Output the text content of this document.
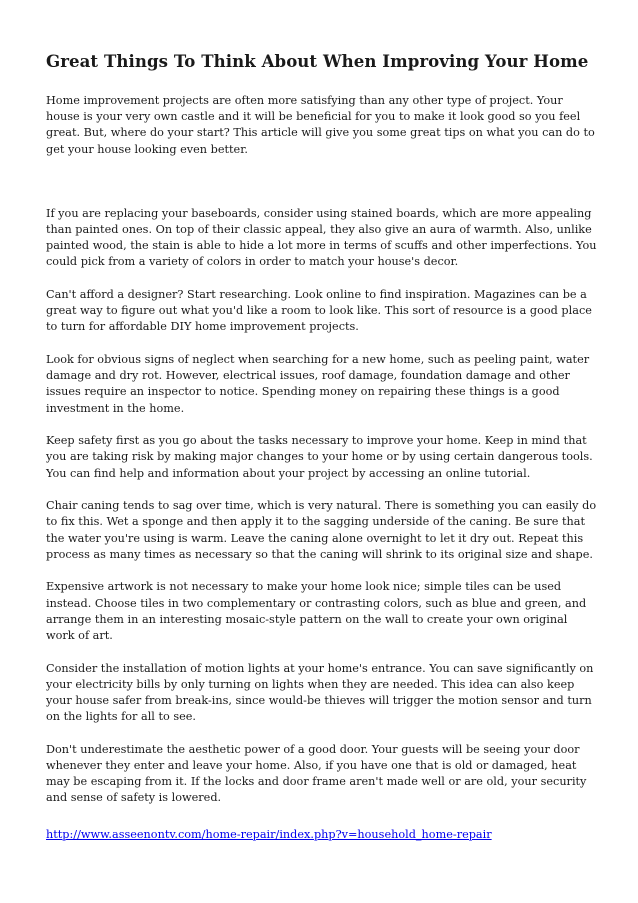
Great Things To Think About When Improving Your Home

Home improvement projects are often more satisfying than any other type of project. Your house is your very own castle and it will be beneficial for you to make it look good so you feel great. But, where do your start? This article will give you some great tips on what you can do to get your house looking even better.

If you are replacing your baseboards, consider using stained boards, which are more appealing than painted ones. On top of their classic appeal, they also give an aura of warmth. Also, unlike painted wood, the stain is able to hide a lot more in terms of scuffs and other imperfections. You could pick from a variety of colors in order to match your house's decor.

Can't afford a designer? Start researching. Look online to find inspiration. Magazines can be a great way to figure out what you'd like a room to look like. This sort of resource is a good place to turn for affordable DIY home improvement projects.

Look for obvious signs of neglect when searching for a new home, such as peeling paint, water damage and dry rot. However, electrical issues, roof damage, foundation damage and other issues require an inspector to notice. Spending money on repairing these things is a good investment in the home.

Keep safety first as you go about the tasks necessary to improve your home. Keep in mind that you are taking risk by making major changes to your home or by using certain dangerous tools. You can find help and information about your project by accessing an online tutorial.

Chair caning tends to sag over time, which is very natural. There is something you can easily do to fix this. Wet a sponge and then apply it to the sagging underside of the caning. Be sure that the water you're using is warm. Leave the caning alone overnight to let it dry out. Repeat this process as many times as necessary so that the caning will shrink to its original size and shape.

Expensive artwork is not necessary to make your home look nice; simple tiles can be used instead. Choose tiles in two complementary or contrasting colors, such as blue and green, and arrange them in an interesting mosaic-style pattern on the wall to create your own original work of art.

Consider the installation of motion lights at your home's entrance. You can save significantly on your electricity bills by only turning on lights when they are needed. This idea can also keep your house safer from break-ins, since would-be thieves will trigger the motion sensor and turn on the lights for all to see.

Don't underestimate the aesthetic power of a good door. Your guests will be seeing your door whenever they enter and leave your home. Also, if you have one that is old or damaged, heat may be escaping from it. If the locks and door frame aren't made well or are old, your security and sense of safety is lowered.

http://www.asseenontv.com/home-repair/index.php?v=household_home-repair
